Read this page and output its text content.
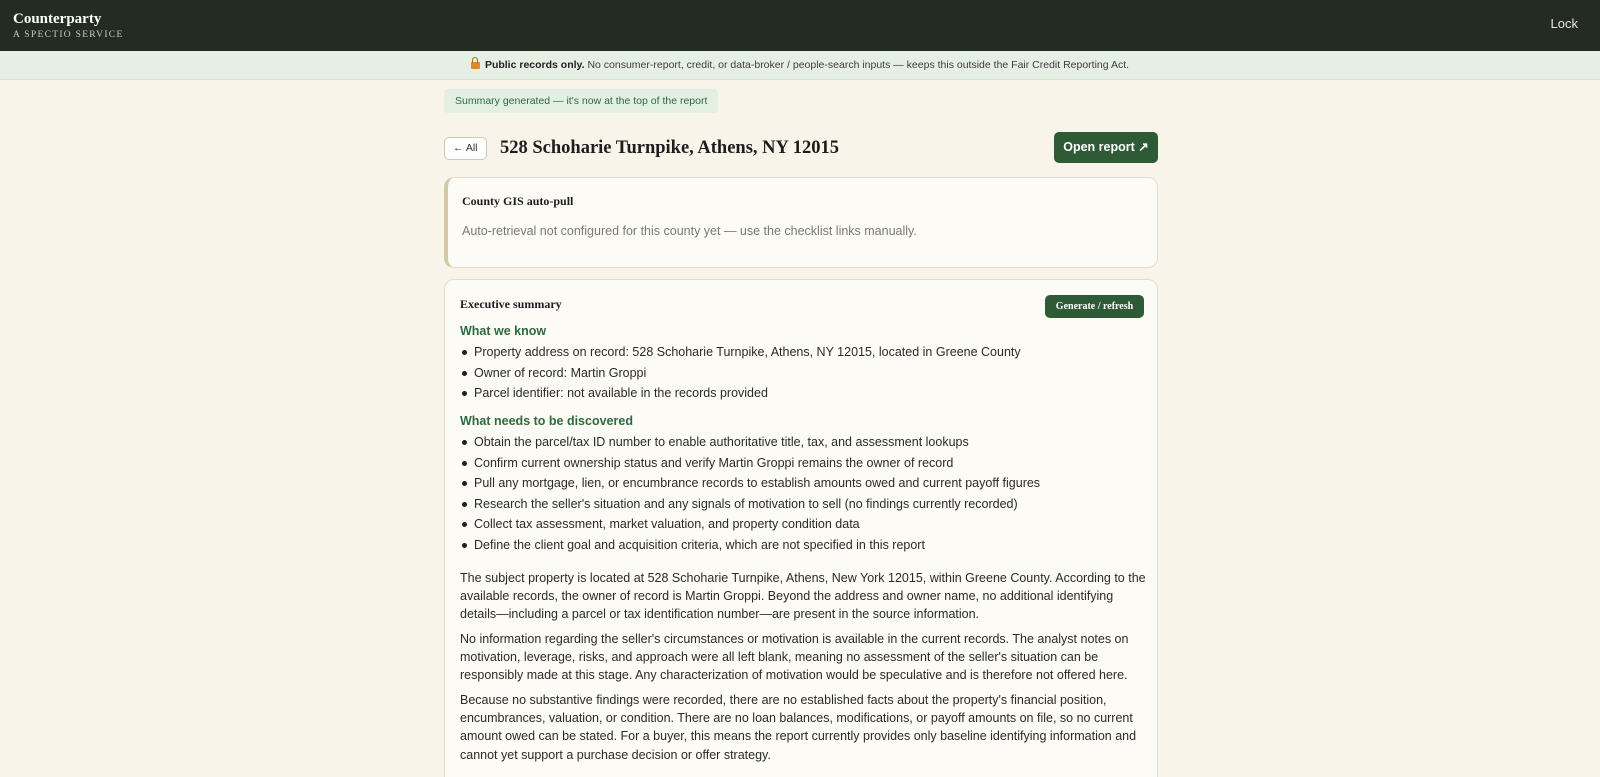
Counterparty
A SPECTIO SERVICE
Lock
Public records only. No consumer-report, credit, or data-broker / people-search inputs — keeps this outside the Fair Credit Reporting Act.
Summary generated — it's now at the top of the report
← All	528 Schoharie Turnpike, Athens, NY 12015	Open report ↗
County GIS auto-pull
Auto-retrieval not configured for this county yet — use the checklist links manually.
Executive summary	Generate / refresh
What we know
Property address on record: 528 Schoharie Turnpike, Athens, NY 12015, located in Greene County
Owner of record: Martin Groppi
Parcel identifier: not available in the records provided
What needs to be discovered
Obtain the parcel/tax ID number to enable authoritative title, tax, and assessment lookups
Confirm current ownership status and verify Martin Groppi remains the owner of record
Pull any mortgage, lien, or encumbrance records to establish amounts owed and current payoff figures
Research the seller's situation and any signals of motivation to sell (no findings currently recorded)
Collect tax assessment, market valuation, and property condition data
Define the client goal and acquisition criteria, which are not specified in this report

The subject property is located at 528 Schoharie Turnpike, Athens, New York 12015, within Greene County. According to the available records, the owner of record is Martin Groppi. Beyond the address and owner name, no additional identifying details—including a parcel or tax identification number—are present in the source information.

No information regarding the seller's circumstances or motivation is available in the current records. The analyst notes on motivation, leverage, risks, and approach were all left blank, meaning no assessment of the seller's situation can be responsibly made at this stage. Any characterization of motivation would be speculative and is therefore not offered here.

Because no substantive findings were recorded, there are no established facts about the property's financial position, encumbrances, valuation, or condition. There are no loan balances, modifications, or payoff amounts on file, so no current amount owed can be stated. For a buyer, this means the report currently provides only baseline identifying information and cannot yet support a purchase decision or offer strategy.
